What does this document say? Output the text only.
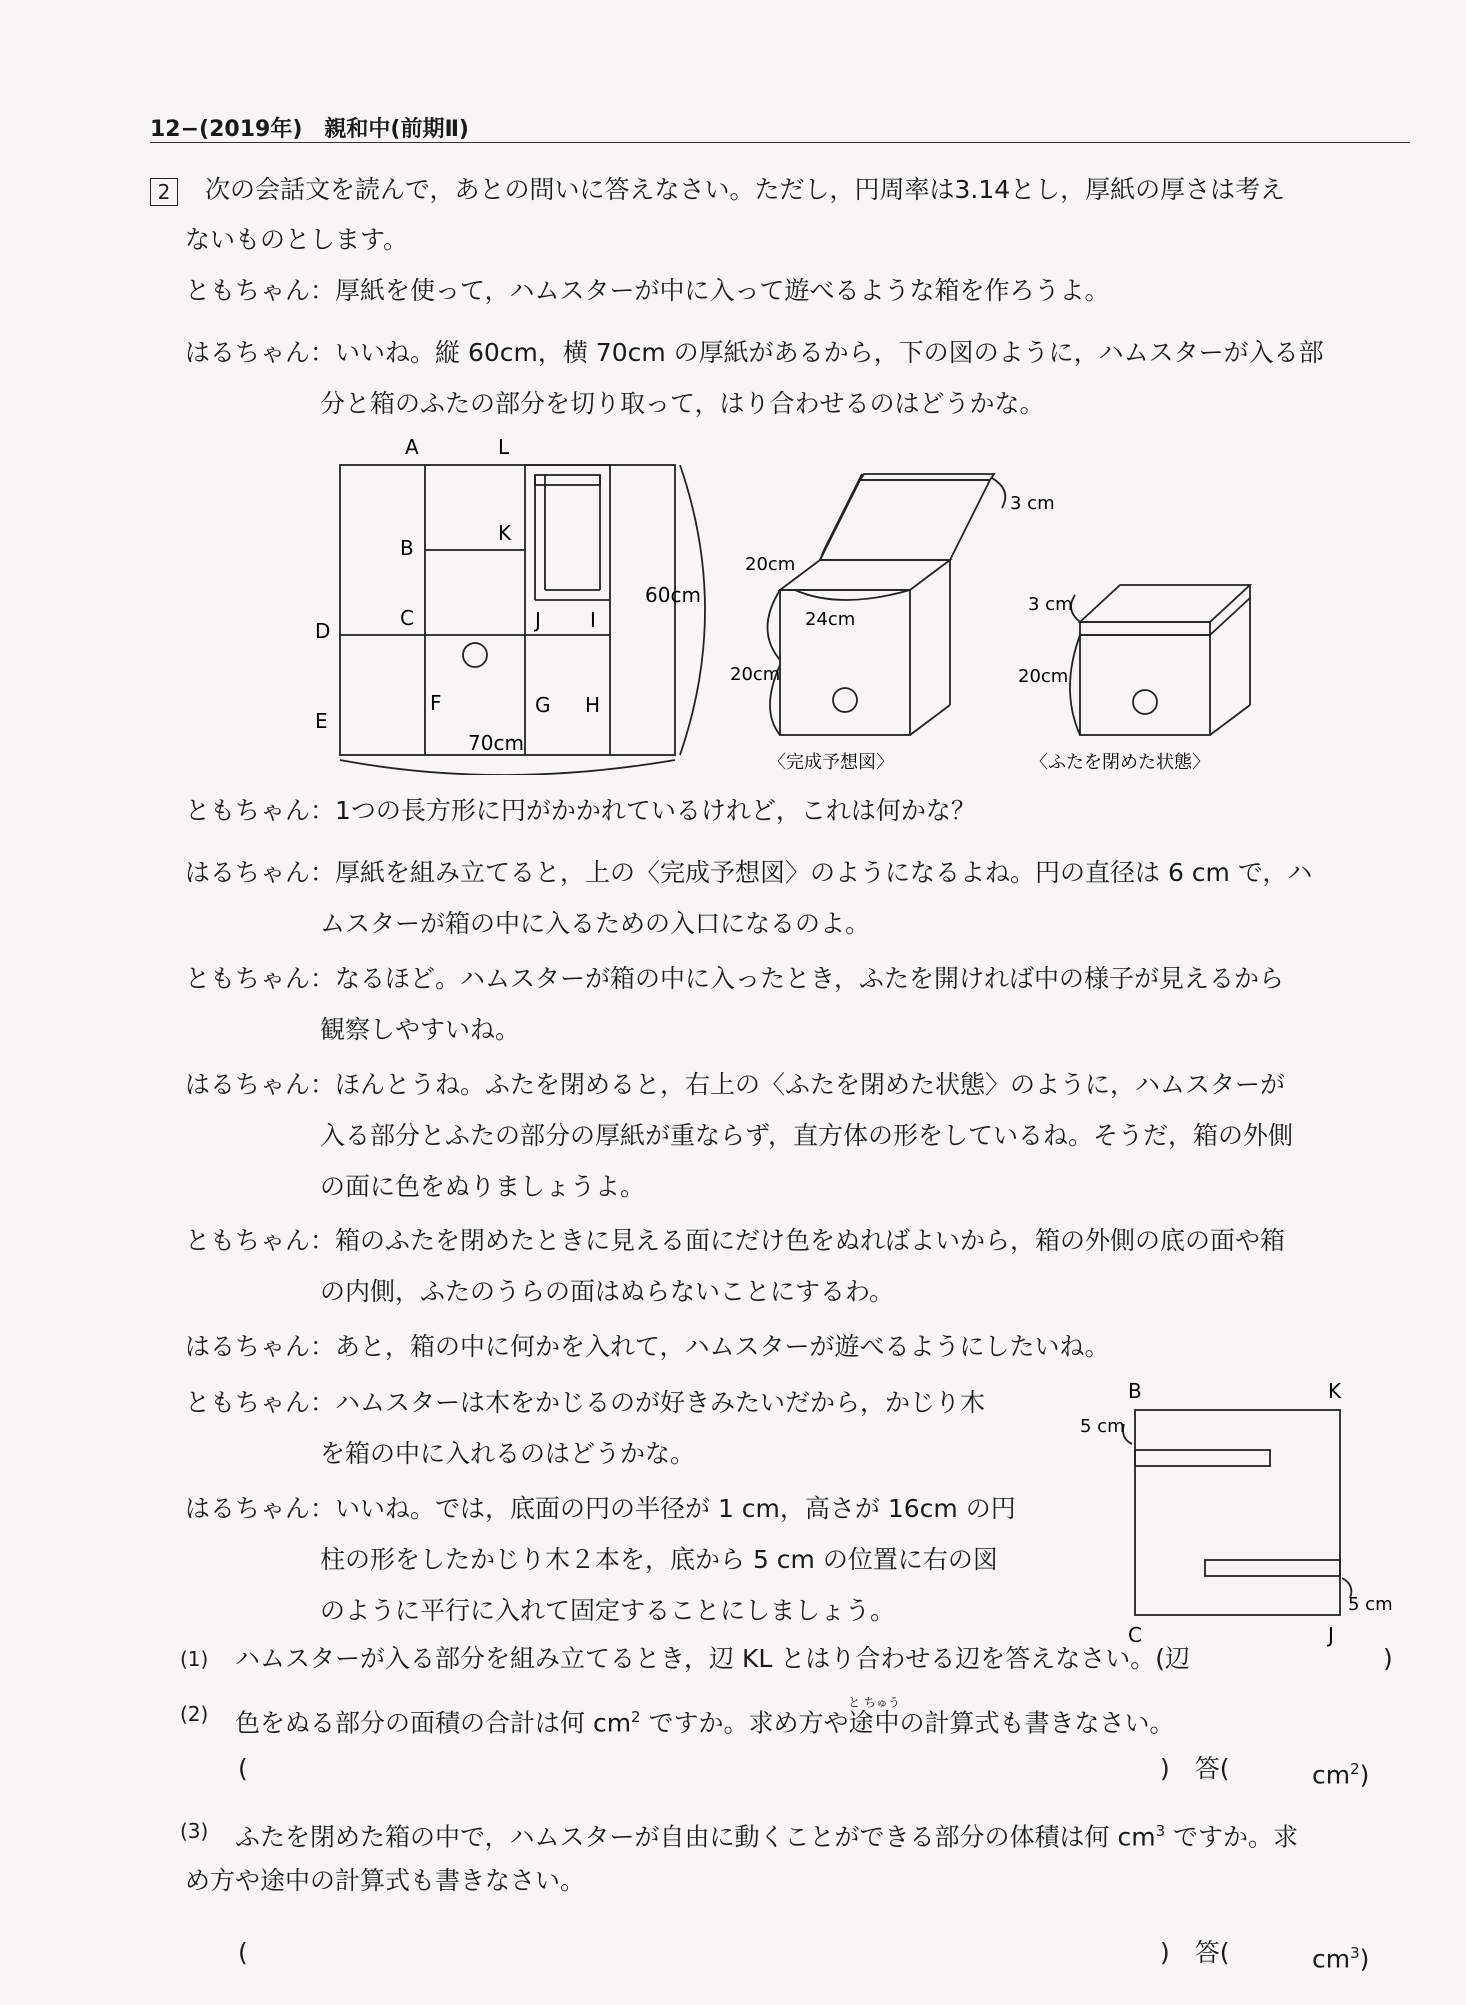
12−(2019年)　親和中(前期Ⅱ)
2	次の会話文を読んで，あとの問いに答えなさい。ただし，円周率は3.14とし，厚紙の厚さは考え
ないものとします。
ともちゃん： 厚紙を使って，ハムスターが中に入って遊べるような箱を作ろうよ。
はるちゃん： いいね。縦 60cm，横 70cm の厚紙があるから，下の図のように，ハムスターが入る部
分と箱のふたの部分を切り取って，はり合わせるのはどうかな。
A	L
B
K
C	J I
D
E
F	G H
60cm
70cm
3 cm
20cm
24cm
20cm
〈完成予想図〉
3 cm
20cm
〈ふたを閉めた状態〉
ともちゃん： 1つの長方形に円がかかれているけれど，これは何かな？
はるちゃん： 厚紙を組み立てると，上の〈完成予想図〉のようになるよね。円の直径は 6 cm で，ハ
ムスターが箱の中に入るための入口になるのよ。
ともちゃん： なるほど。ハムスターが箱の中に入ったとき，ふたを開ければ中の様子が見えるから
観察しやすいね。
はるちゃん： ほんとうね。ふたを閉めると，右上の〈ふたを閉めた状態〉のように，ハムスターが
入る部分とふたの部分の厚紙が重ならず，直方体の形をしているね。そうだ，箱の外側
の面に色をぬりましょうよ。
ともちゃん： 箱のふたを閉めたときに見える面にだけ色をぬればよいから，箱の外側の底の面や箱
の内側，ふたのうらの面はぬらないことにするわ。
はるちゃん： あと，箱の中に何かを入れて，ハムスターが遊べるようにしたいね。
ともちゃん： ハムスターは木をかじるのが好きみたいだから，かじり木
を箱の中に入れるのはどうかな。
はるちゃん： いいね。では，底面の円の半径が 1 cm，高さが 16cm の円
柱の形をしたかじり木２本を，底から 5 cm の位置に右の図
のように平行に入れて固定することにしましょう。
B	K
C	J
5 cm
5 cm
(1) ハムスターが入る部分を組み立てるとき，辺 KL とはり合わせる辺を答えなさい。(辺	)
(2) 色をぬる部分の面積の合計は何 $cm^2$ ですか。求め方や途中と ちゅうの計算式も書きなさい。
(	)　答(	$cm^2$)
(3) ふたを閉めた箱の中で，ハムスターが自由に動くことができる部分の体積は何 $cm^3$ ですか。求
め方や途中の計算式も書きなさい。
(	)　答(	$cm^3$)
